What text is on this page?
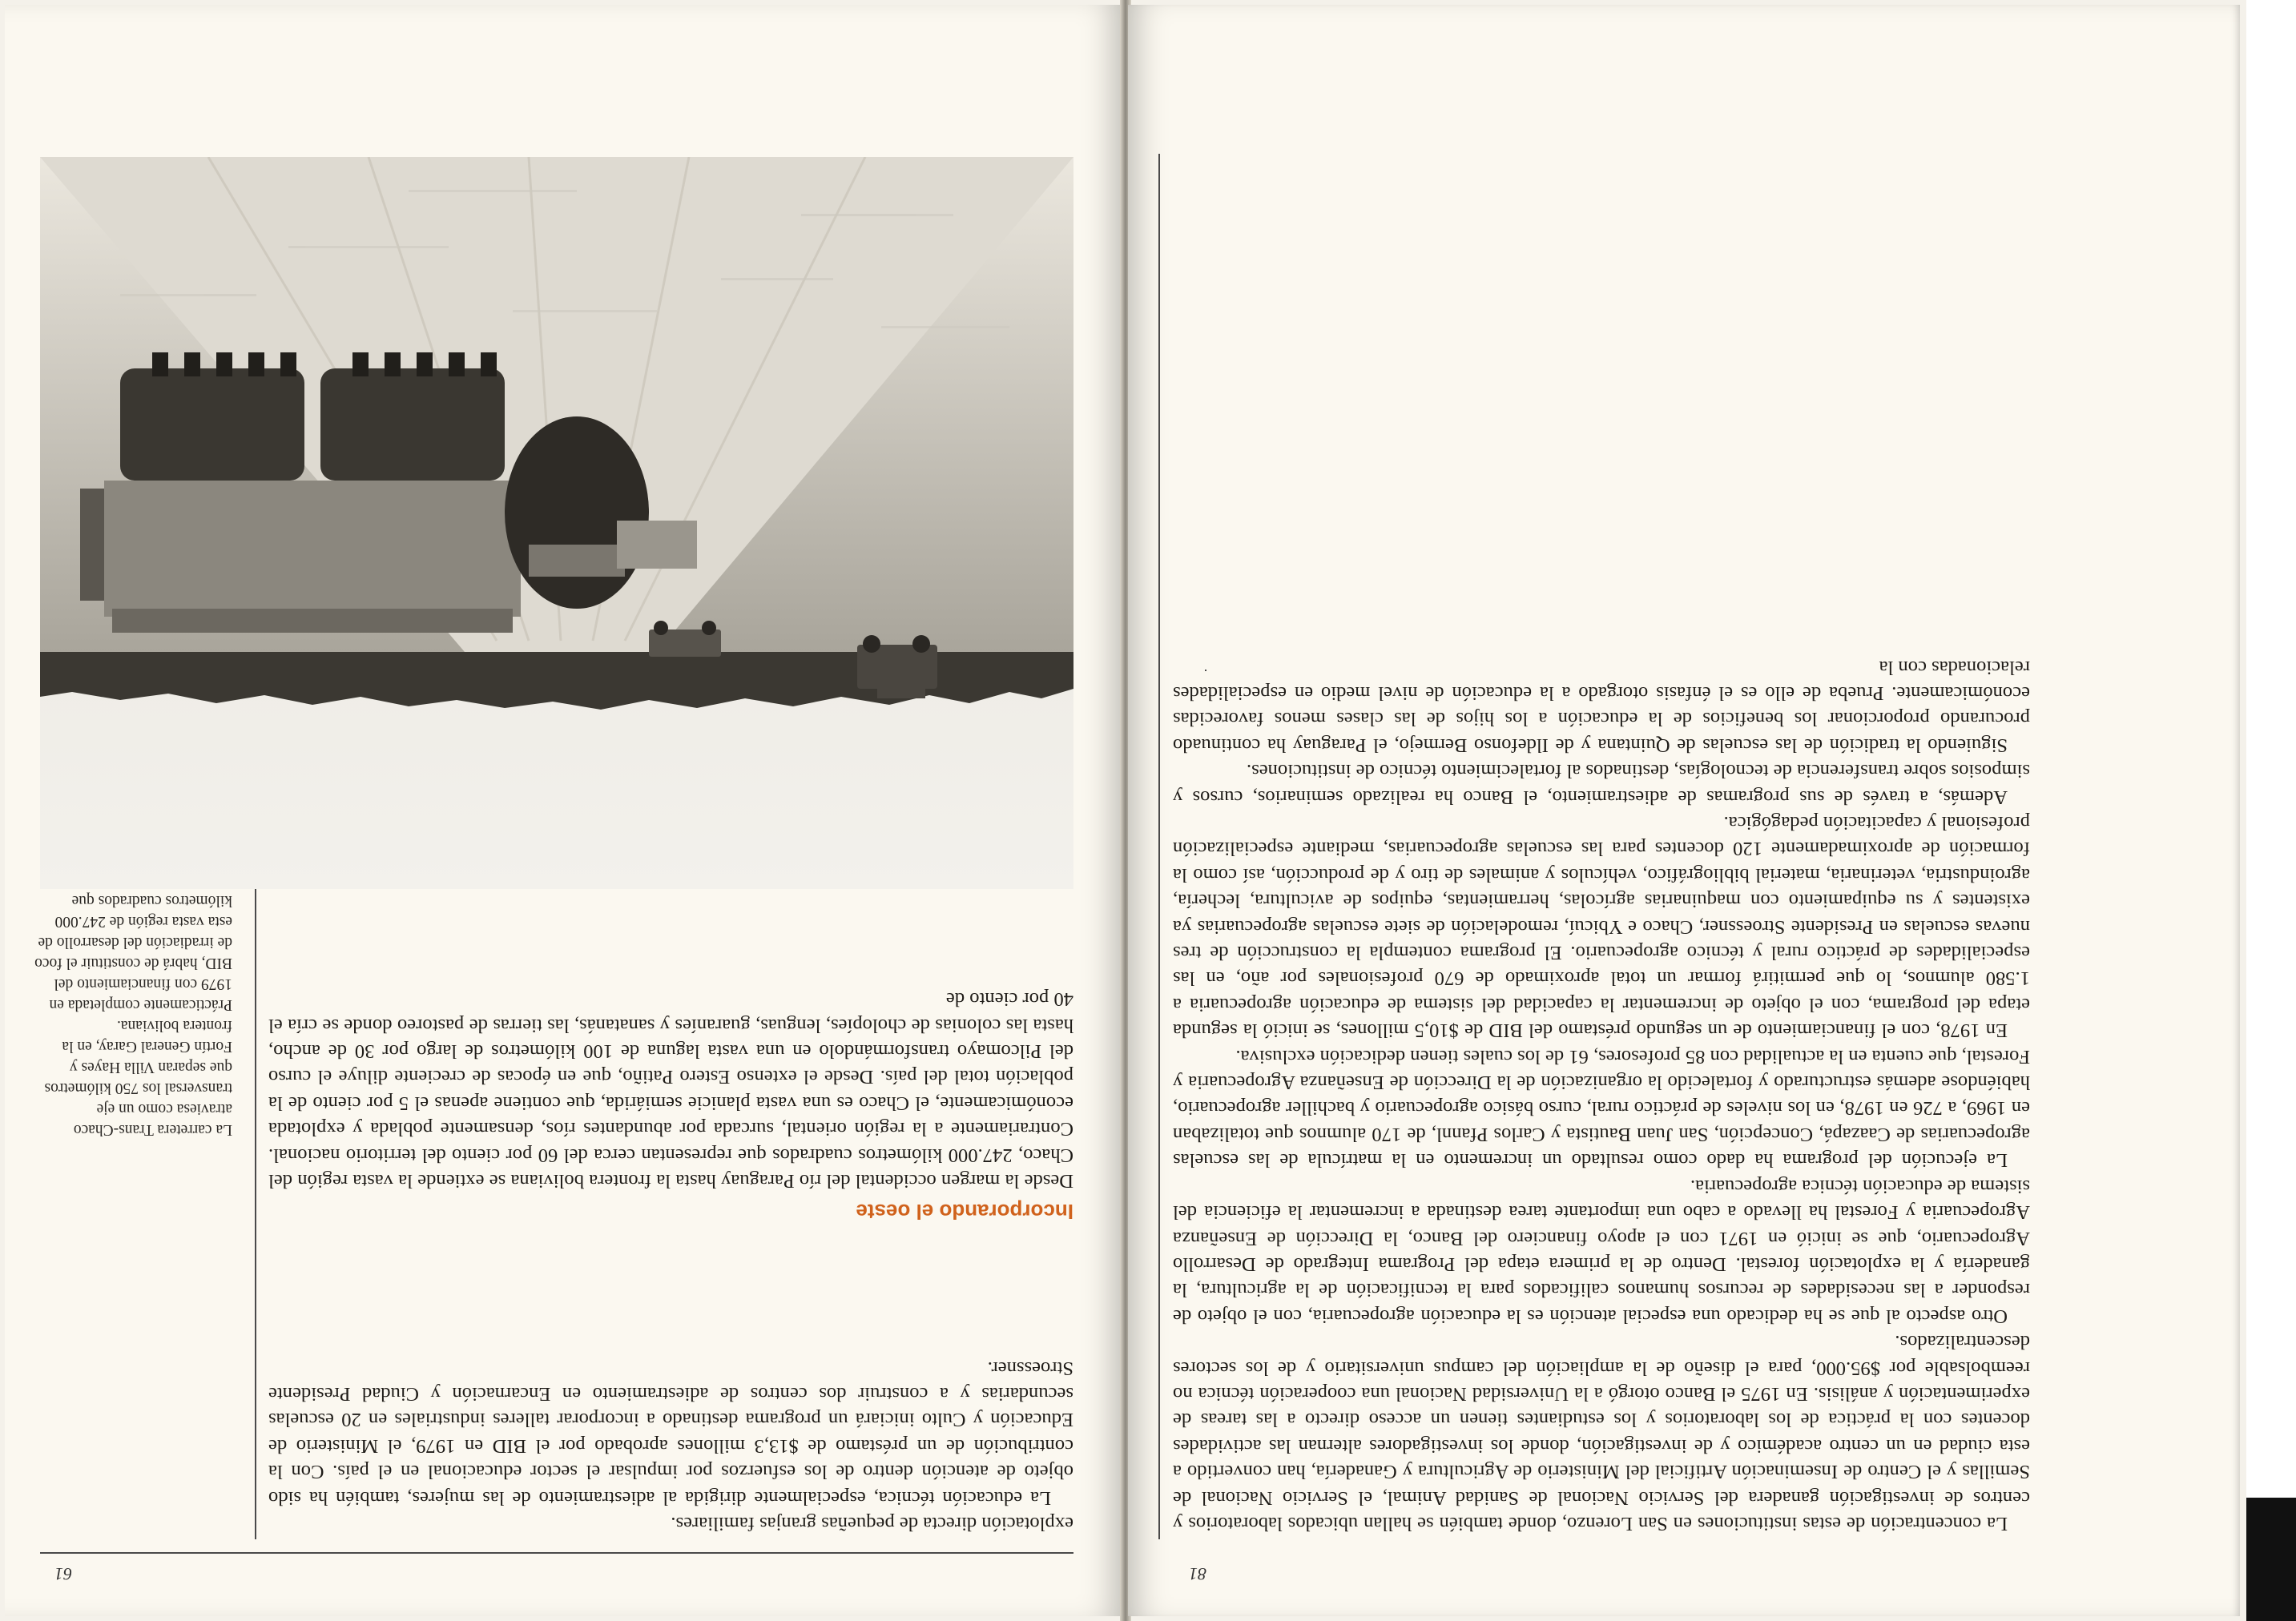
61
La carretera Trans-Chaco atraviesa como un eje transversal los 750 kilómetros que separan Villa Hayes y Fortín General Garay, en la frontera boliviana. Prácticamente completada en 1979 con financiamiento del BID, habrá de constituir el foco de irradiación del desarrollo de esta vasta región de 247.000 kilómetros cuadrados que

explotación directa de pequeñas granjas familiares.

La educación técnica, especialmente dirigida al adiestramiento de las mujeres, también ha sido objeto de atención dentro de los esfuerzos por impulsar el sector educacional en el país. Con la contribución de un préstamo de $13,3 millones aprobado por el BID en 1979, el Ministerio de Educación y Culto iniciará un programa destinado a incorporar talleres industriales en 20 escuelas secundarias y a construir dos centros de adiestramiento en Encarnación y Ciudad Presidente Stroessner.

Incorporando el oeste

Desde la margen occidental del río Paraguay hasta la frontera boliviana se extiende la vasta región del Chaco, 247.000 kilómetros cuadrados que representan cerca del 60 por ciento del territorio nacional. Contrariamente a la región oriental, surcada por abundantes ríos, densamente poblada y explotada económicamente, el Chaco es una vasta planicie semiárida, que contiene apenas el 5 por ciento de la población total del país. Desde el extenso Estero Patiño, que en épocas de creciente diluye el curso del Pilcomayo transformándolo en una vasta laguna de 100 kilómetros de largo por 30 de ancho, hasta las colonias de cholopíes, lenguas, guaraníes y sanatanás, las tierras de pastoreo donde se cría el 40 por ciento de

81

La concentración de estas instituciones en San Lorenzo, donde también se hallan ubicados laboratorios y centros de investigación ganadera del Servicio Nacional de Sanidad Animal, el Servicio Nacional de Semillas y el Centro de Inseminación Artificial del Ministerio de Agricultura y Ganadería, han convertido a esta ciudad en un centro académico y de investigación, donde los investigadores alternan las actividades docentes con la práctica de los laboratorios y los estudiantes tienen un acceso directo a las tareas de experimentación y análisis. En 1975 el Banco otorgó a la Universidad Nacional una cooperación técnica no reembolsable por $95.000, para el diseño de la ampliación del campus universitario y de los sectores descentralizados.

Otro aspecto al que se ha dedicado una especial atención es la educación agropecuaria, con el objeto de responder a las necesidades de recursos humanos calificados para la tecnificación de la agricultura, la ganadería y la explotación forestal. Dentro de la primera etapa del Programa Integrado de Desarrollo Agropecuario, que se inició en 1971 con el apoyo financiero del Banco, la Dirección de Enseñanza Agropecuaria y Forestal ha llevado a cabo una importante tarea destinada a incrementar la eficiencia del sistema de educación técnica agropecuaria.

La ejecución del programa ha dado como resultado un incremento en la matrícula de las escuelas agropecuarias de Caazapá, Concepción, San Juan Bautista y Carlos Pfannl, de 170 alumnos que totalizaban en 1969, a 726 en 1978, en los niveles de práctico rural, curso básico agropecuario y bachiller agropecuario, habiéndose además estructurado y fortalecido la organización de la Dirección de Enseñanza Agropecuaria y Forestal, que cuenta en la actualidad con 85 profesores, 61 de los cuales tienen dedicación exclusiva.

En 1978, con el financiamiento de un segundo préstamo del BID de $10,5 millones, se inició la segunda etapa del programa, con el objeto de incrementar la capacidad del sistema de educación agropecuaria a 1.580 alumnos, lo que permitirá formar un total aproximado de 670 profesionales por año, en las especialidades de práctico rural y técnico agropecuario. El programa contempla la construcción de tres nuevas escuelas en Presidente Stroessner, Chaco e Ybicuí, remodelación de siete escuelas agropecuarias ya existentes y su equipamiento con maquinarias agrícolas, herramientas, equipos de avicultura, lechería, agroindustria, veterinaria, material bibliográfico, vehículos y animales de tiro y de producción, así como la formación de aproximadamente 120 docentes para las escuelas agropecuarias, mediante especialización profesional y capacitación pedagógica.

Además, a través de sus programas de adiestramiento, el Banco ha realizado seminarios, cursos y simposios sobre transferencia de tecnologías, destinados al fortalecimiento técnico de instituciones.

Siguiendo la tradición de las escuelas de Quintana y de Ildefonso Bermejo, el Paraguay ha continuado procurando proporcionar los beneficios de la educación a los hijos de las clases menos favorecidas económicamente. Prueba de ello es el énfasis otorgado a la educación de nivel medio en especialidades relacionadas con la
